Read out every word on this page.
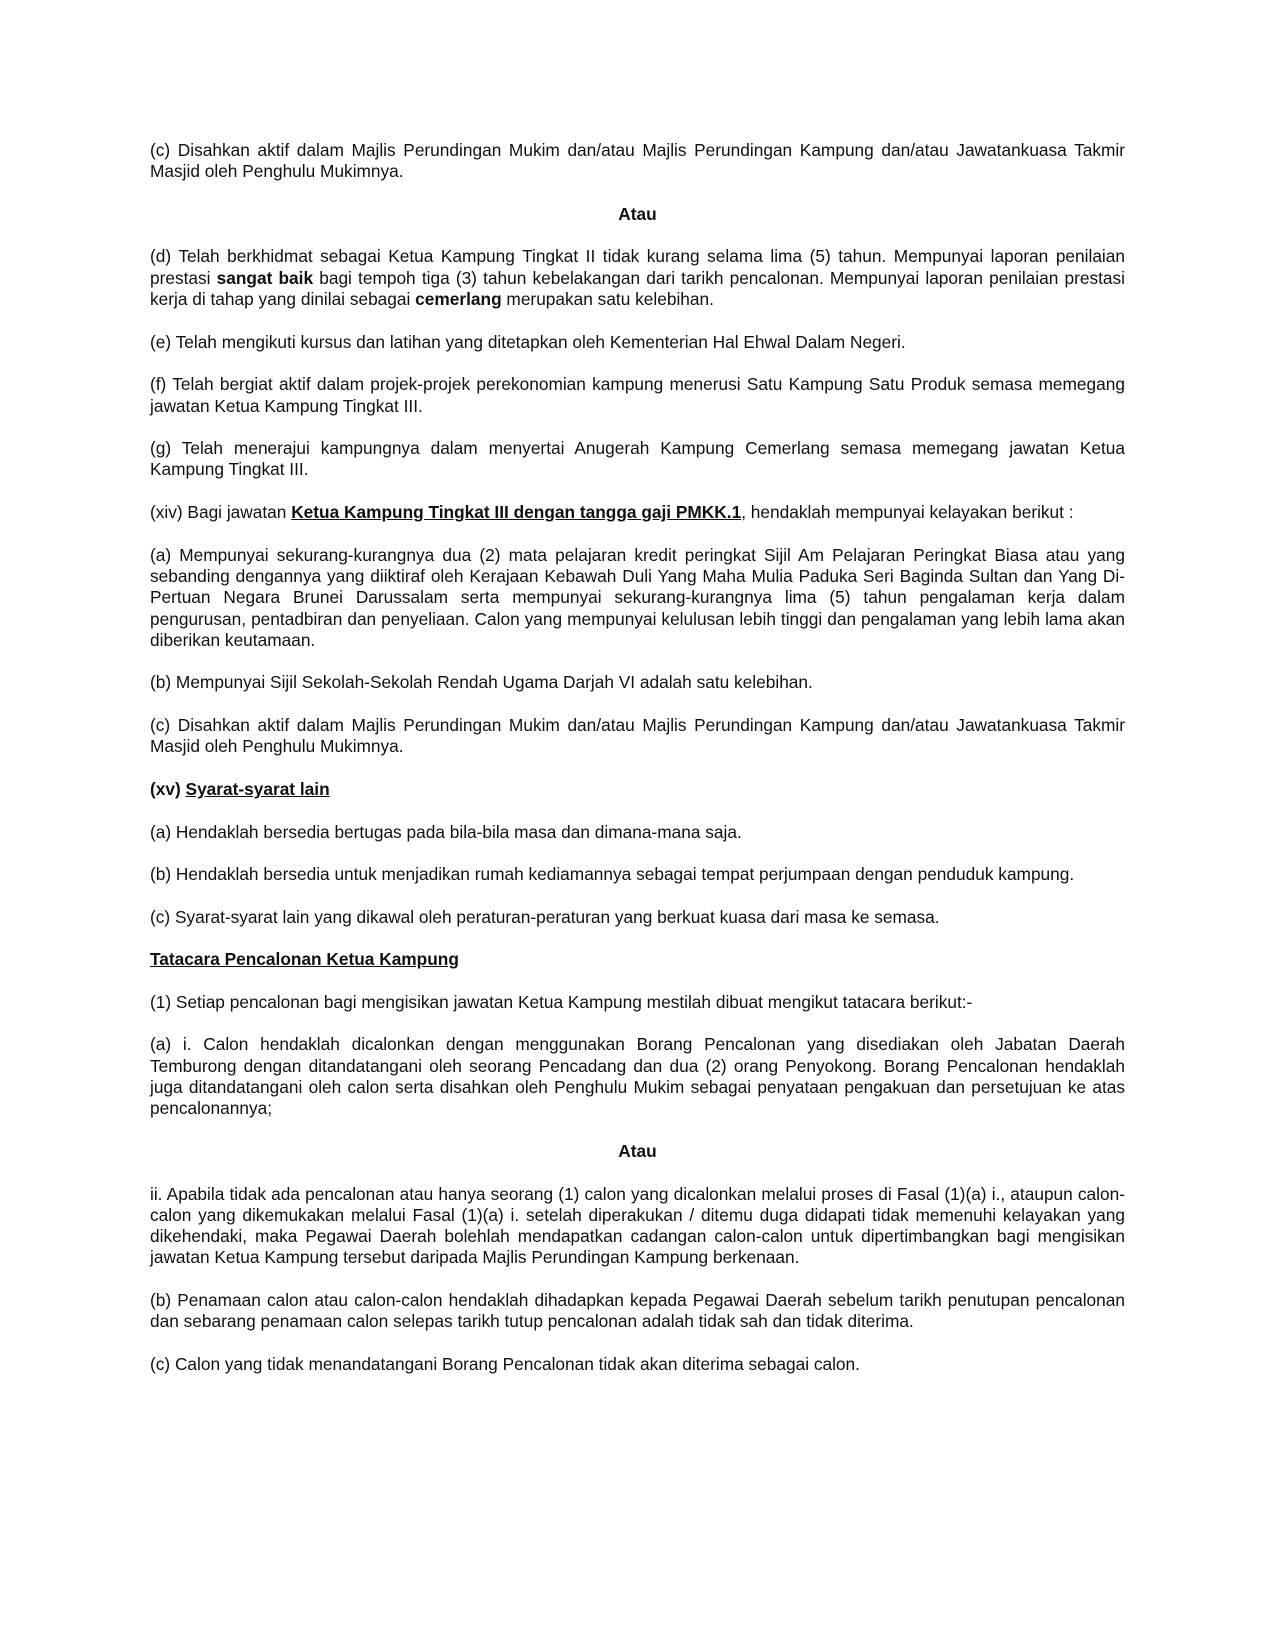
(c) Disahkan aktif dalam Majlis Perundingan Mukim dan/atau Majlis Perundingan Kampung dan/atau Jawatankuasa Takmir Masjid oleh Penghulu Mukimnya.

Atau

(d) Telah berkhidmat sebagai Ketua Kampung Tingkat II tidak kurang selama lima (5) tahun. Mempunyai laporan penilaian prestasi sangat baik bagi tempoh tiga (3) tahun kebelakangan dari tarikh pencalonan. Mempunyai laporan penilaian prestasi kerja di tahap yang dinilai sebagai cemerlang merupakan satu kelebihan.

(e) Telah mengikuti kursus dan latihan yang ditetapkan oleh Kementerian Hal Ehwal Dalam Negeri.

(f) Telah bergiat aktif dalam projek-projek perekonomian kampung menerusi Satu Kampung Satu Produk semasa memegang jawatan Ketua Kampung Tingkat III.

(g) Telah menerajui kampungnya dalam menyertai Anugerah Kampung Cemerlang semasa memegang jawatan Ketua Kampung Tingkat III.

(xiv) Bagi jawatan Ketua Kampung Tingkat III dengan tangga gaji PMKK.1, hendaklah mempunyai kelayakan berikut :

(a) Mempunyai sekurang-kurangnya dua (2) mata pelajaran kredit peringkat Sijil Am Pelajaran Peringkat Biasa atau yang sebanding dengannya yang diiktiraf oleh Kerajaan Kebawah Duli Yang Maha Mulia Paduka Seri Baginda Sultan dan Yang Di-Pertuan Negara Brunei Darussalam serta mempunyai sekurang-kurangnya lima (5) tahun pengalaman kerja dalam pengurusan, pentadbiran dan penyeliaan. Calon yang mempunyai kelulusan lebih tinggi dan pengalaman yang lebih lama akan diberikan keutamaan.

(b) Mempunyai Sijil Sekolah-Sekolah Rendah Ugama Darjah VI adalah satu kelebihan.

(c) Disahkan aktif dalam Majlis Perundingan Mukim dan/atau Majlis Perundingan Kampung dan/atau Jawatankuasa Takmir Masjid oleh Penghulu Mukimnya.

(xv) Syarat-syarat lain

(a) Hendaklah bersedia bertugas pada bila-bila masa dan dimana-mana saja.

(b) Hendaklah bersedia untuk menjadikan rumah kediamannya sebagai tempat perjumpaan dengan penduduk kampung.

(c) Syarat-syarat lain yang dikawal oleh peraturan-peraturan yang berkuat kuasa dari masa ke semasa.

Tatacara Pencalonan Ketua Kampung

(1) Setiap pencalonan bagi mengisikan jawatan Ketua Kampung mestilah dibuat mengikut tatacara berikut:-

(a) i. Calon hendaklah dicalonkan dengan menggunakan Borang Pencalonan yang disediakan oleh Jabatan Daerah Temburong dengan ditandatangani oleh seorang Pencadang dan dua (2) orang Penyokong. Borang Pencalonan hendaklah juga ditandatangani oleh calon serta disahkan oleh Penghulu Mukim sebagai penyataan pengakuan dan persetujuan ke atas pencalonannya;

Atau

ii. Apabila tidak ada pencalonan atau hanya seorang (1) calon yang dicalonkan melalui proses di Fasal (1)(a) i., ataupun calon-calon yang dikemukakan melalui Fasal (1)(a) i. setelah diperakukan / ditemu duga didapati tidak memenuhi kelayakan yang dikehendaki, maka Pegawai Daerah bolehlah mendapatkan cadangan calon-calon untuk dipertimbangkan bagi mengisikan jawatan Ketua Kampung tersebut daripada Majlis Perundingan Kampung berkenaan.

(b) Penamaan calon atau calon-calon hendaklah dihadapkan kepada Pegawai Daerah sebelum tarikh penutupan pencalonan dan sebarang penamaan calon selepas tarikh tutup pencalonan adalah tidak sah dan tidak diterima.

(c) Calon yang tidak menandatangani Borang Pencalonan tidak akan diterima sebagai calon.
